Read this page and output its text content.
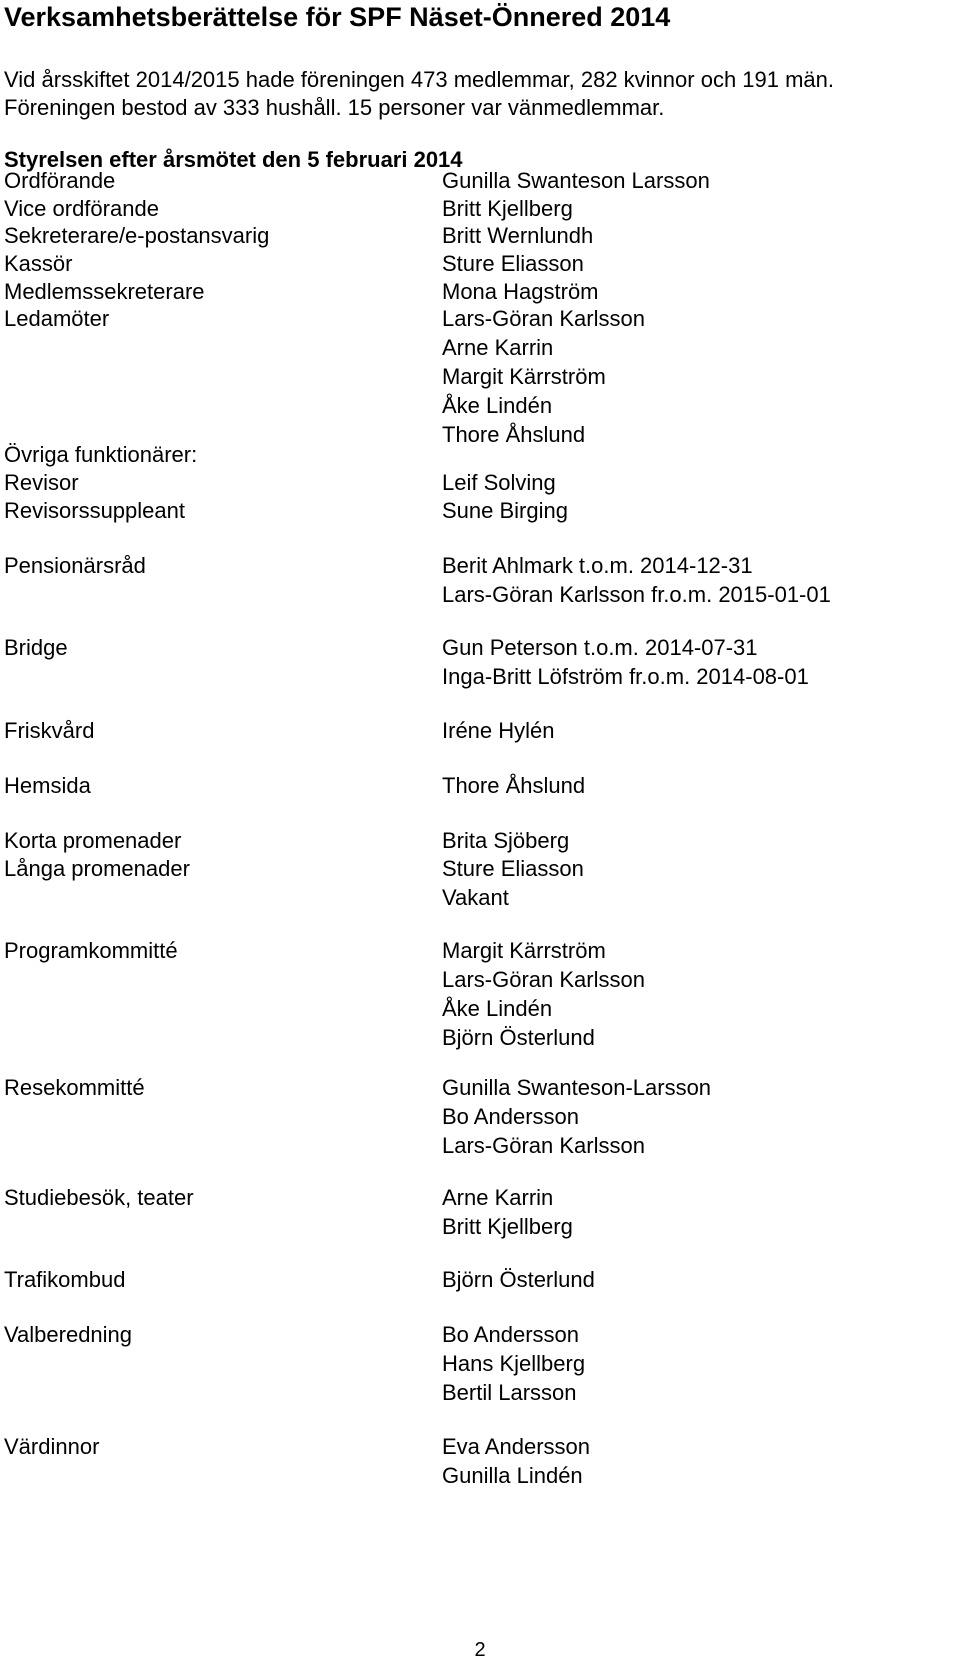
Verksamhetsberättelse för SPF Näset-Önnered 2014
Vid årsskiftet 2014/2015 hade föreningen 473 medlemmar, 282 kvinnor och 191 män.
Föreningen bestod av 333 hushåll. 15 personer var vänmedlemmar.
Styrelsen efter årsmötet den 5 februari 2014
Ordförande	Gunilla Swanteson Larsson
Vice ordförande	Britt Kjellberg
Sekreterare/e-postansvarig	Britt Wernlundh
Kassör	Sture Eliasson
Medlemssekreterare	Mona Hagström
Ledamöter	Lars-Göran Karlsson
Arne Karrin
Margit Kärrström
Åke Lindén
Thore Åhslund
Övriga funktionärer:
Revisor	Leif Solving
Revisorssuppleant	Sune Birging
Pensionärsråd	Berit Ahlmark t.o.m. 2014-12-31
Lars-Göran Karlsson fr.o.m. 2015-01-01
Bridge	Gun Peterson t.o.m. 2014-07-31
Inga-Britt Löfström fr.o.m. 2014-08-01
Friskvård	Iréne Hylén
Hemsida	Thore Åhslund
Korta promenader	Brita Sjöberg
Långa promenader	Sture Eliasson
Vakant
Programkommitté	Margit Kärrström
Lars-Göran Karlsson
Åke Lindén
Björn Österlund
Resekommitté	Gunilla Swanteson-Larsson
Bo Andersson
Lars-Göran Karlsson
Studiebesök, teater	Arne Karrin
Britt Kjellberg
Trafikombud	Björn Österlund
Valberedning	Bo Andersson
Hans Kjellberg
Bertil Larsson
Värdinnor	Eva Andersson
Gunilla Lindén
2
